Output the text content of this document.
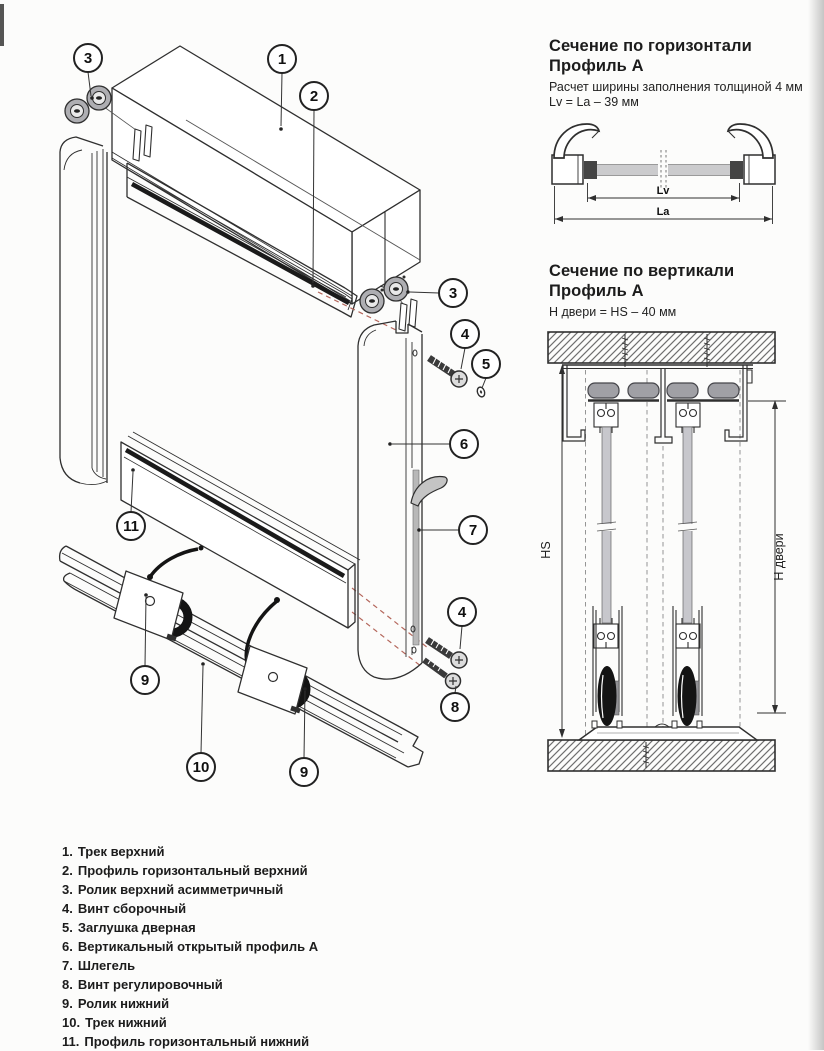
Сечение по горизонтали
Профиль А
Расчет ширины заполнения толщиной 4 мм
Lv = La – 39 мм
Сечение по вертикали
Профиль А
Н двери = HS – 40 мм
3	1
2
3
4
5
6
7
4
8
11
9
10	9
Lv
La
HS	Н двери
1. Трек верхний
2. Профиль горизонтальный верхний
3. Ролик верхний асимметричный
4. Винт сборочный
5. Заглушка дверная
6. Вертикальный открытый профиль А
7. Шлегель
8. Винт регулировочный
9. Ролик нижний
10. Трек нижний
11. Профиль горизонтальный нижний
